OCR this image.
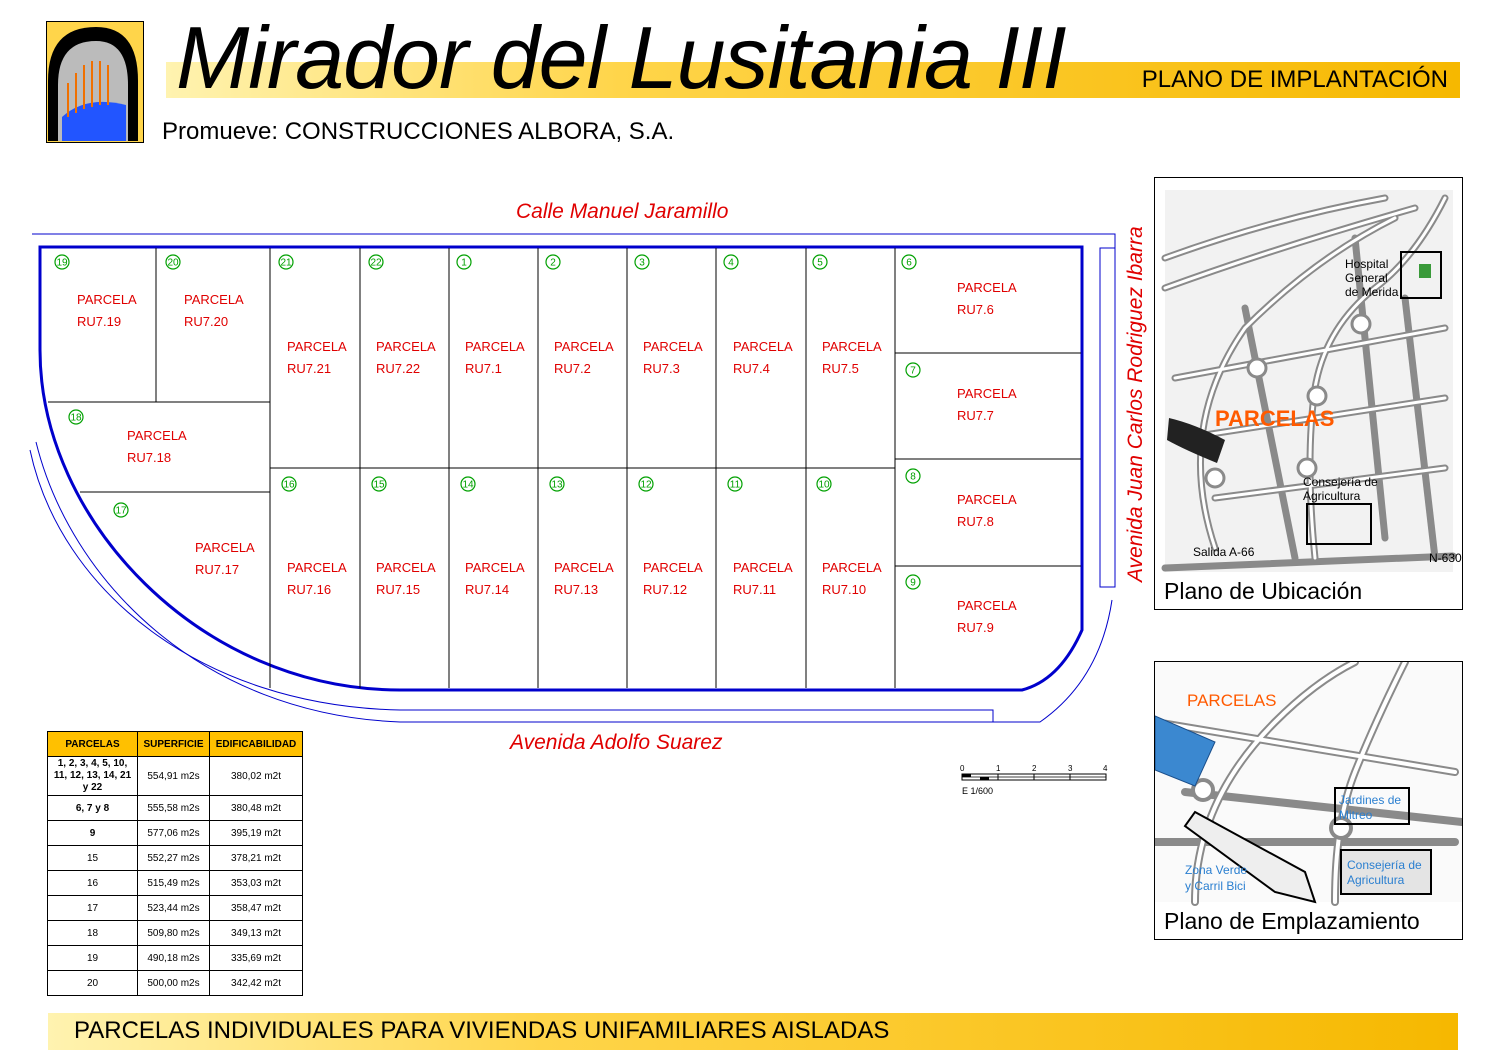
Mirador del Lusitania III	PLANO DE IMPLANTACIÓN
Promueve: CONSTRUCCIONES ALBORA, S.A.
Calle Manuel Jaramillo
Avenida Adolfo Suarez
Avenida Juan Carlos Rodriguez Ibarra
19
PARCELA
RU7.19
20
PARCELA
RU7.20
21
PARCELA
RU7.21
22
PARCELA
RU7.22
1
PARCELA
RU7.1
2
PARCELA
RU7.2
3
PARCELA
RU7.3
4
PARCELA
RU7.4
5
PARCELA
RU7.5
6
PARCELA
RU7.6
18
PARCELA
RU7.18
7
PARCELA
RU7.7
17
PARCELA
RU7.17
16
PARCELA
RU7.16
15
PARCELA
RU7.15
14
PARCELA
RU7.14
13
PARCELA
RU7.13
12
PARCELA
RU7.12
11
PARCELA
RU7.11
10
PARCELA
RU7.10
8
PARCELA
RU7.8
9
PARCELA
RU7.9
PARCELAS	SUPERFICIE	EDIFICABILIDAD
1, 2, 3, 4, 5, 10, 11, 12, 13, 14, 21 y 22	554,91 m2s	380,02 m2t
6, 7 y 8	555,58 m2s	380,48 m2t
9	577,06 m2s	395,19 m2t
15	552,27 m2s	378,21 m2t
16	515,49 m2s	353,03 m2t
17	523,44 m2s	358,47 m2t
18	509,80 m2s	349,13 m2t
19	490,18 m2s	335,69 m2t
20	500,00 m2s	342,42 m2t
E 1/600
0	1	2	3	4
PARCELAS
Hospital
General
de Merida
Consejería de
Agricultura
Salida A-66	N-630
Plano de Ubicación
PARCELAS
Jardines de
Mitreo
Consejería de
Agricultura
Zona Verde
y Carril Bici
Plano de Emplazamiento
PARCELAS INDIVIDUALES PARA VIVIENDAS UNIFAMILIARES AISLADAS
